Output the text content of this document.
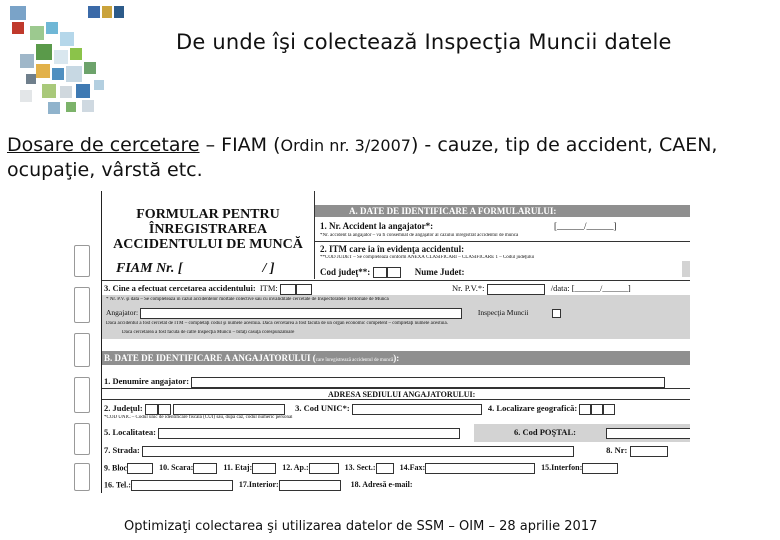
De unde îşi colectează Inspecţia Muncii datele
Dosare de cercetare – FIAM (Ordin nr. 3/2007) - cauze, tip de accident, CAEN, ocupaţie, vârstă etc.
FORMULAR PENTRU
ÎNREGISTRAREA
ACCIDENTULUI DE MUNCĂ
FIAM Nr. [	/ ]
A. DATE DE IDENTIFICARE A FORMULARULUI:
1. Nr. Accident la angajator*:	[______/______]
*Nr. accident la angajator – va fi consemnat de angajator al cazului înregistrat accidentul de muncă
2. ITM care ia în evidenţa accidentul:
**COD JUDET – Se completează conform ANEXĂ CLASIFICĂRI – CLASIFICARE 1 – Codul judeţului
Cod judeţ**:	Nume Judet:
3. Cine a efectuat cercetarea accidentului: ITM:	Nr. P.V.*:	/data: [______/______]
* Nr. P.V. şi data – Se completează în cazul accidentelor mortale colective sau cu invaliditate cercetate de Inspectoratele Teritoriale de Muncă
Angajator:	Inspecţia Muncii
Dacă accidentul a fost cercetat de ITM – completaţi codul şi numele acestuia. Dacă cercetarea a fost făcută de un organ economic competent – completaţi numele acestuia.
Dacă cercetarea a fost făcută de către Inspecţia Muncii – bifaţi căsuţa corespunzătoare
B. DATE DE IDENTIFICARE A ANGAJATORULUI (care înregistrează accidentul de muncă):
1. Denumire angajator:
ADRESA SEDIULUI ANGAJATORULUI:
2. Judeţul:	3. Cod UNIC*:	4. Localizare geografică:
*COD UNIC – Codul unic de identificare fiscală (CUI) sau, după caz, codul numeric personal
5. Localitatea:	6. Cod POŞTAL:
7. Strada:	8. Nr:
9. Bloc	10. Scara:	11. Etaj:	12. Ap.:	13. Sect.:	14.Fax:	15.Interfon:
16. Tel.:	17.Interior:	18. Adresă e-mail:
Optimizaţi colectarea şi utilizarea datelor de SSM – OIM – 28 aprilie 2017
